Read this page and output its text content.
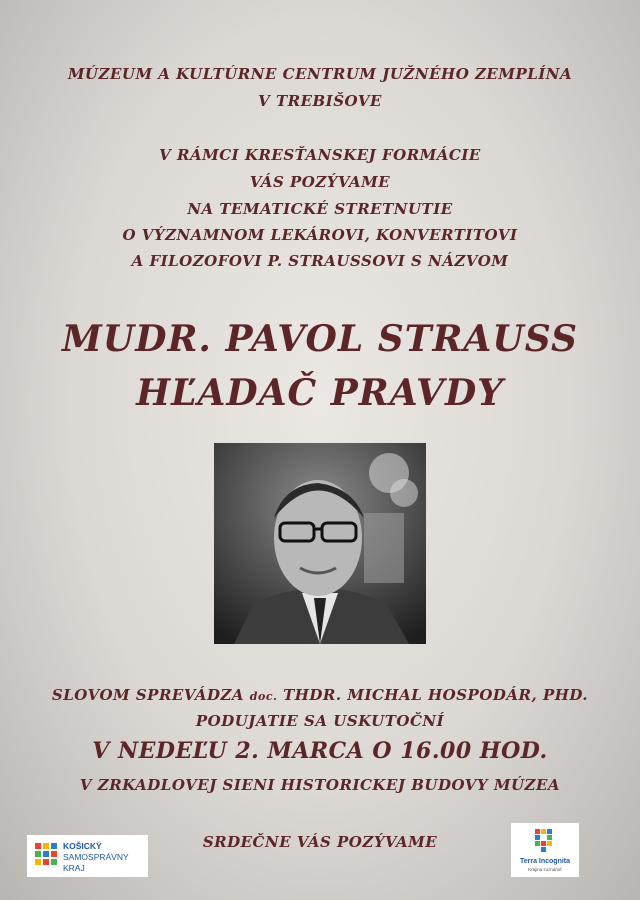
MÚZEUM A KULTÚRNE CENTRUM JUŽNÉHO ZEMPLÍNA
V TREBIŠOVE
V RÁMCI KRESŤANSKEJ FORMÁCIE
VÁS POZÝVAME
NA TEMATICKÉ STRETNUTIE
O VÝZNAMNOM LEKÁROVI, KONVERTITOVI
A FILOZOFOVI P. STRAUSSOVI S NÁZVOM
MUDR. PAVOL STRAUSS
HĽADAČ PRAVDY
SLOVOM SPREVÁDZA doc. THDR. MICHAL HOSPODÁR, PHD.
PODUJATIE SA USKUTOČNÍ
V NEDEĽU 2. MARCA O 16.00 HOD.
V ZRKADLOVEJ SIENI HISTORICKEJ BUDOVY MÚZEA
SRDEČNE VÁS POZÝVAME
KOŠICKÝ
SAMOSPRÁVNY
KRAJ
Terra Incognita
Krajina zoznámiť
